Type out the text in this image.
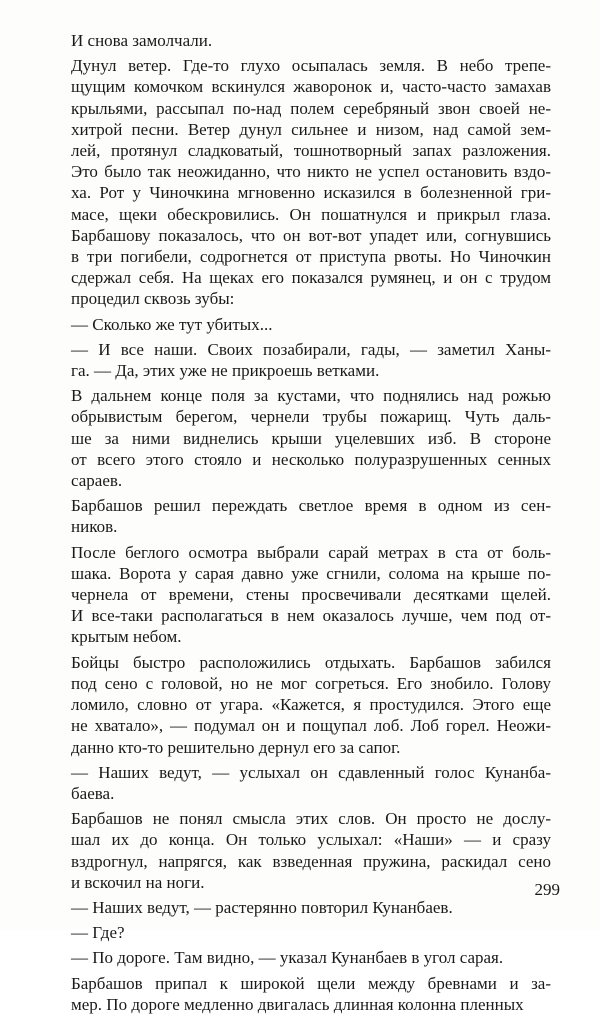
И снова замолчали.

Дунул ветер. Где-то глухо осыпалась земля. В небо трепе-
щущим комочком вскинулся жаворонок и, часто-часто замахав
крыльями, рассыпал по-над полем серебряный звон своей не-
хитрой песни. Ветер дунул сильнее и низом, над самой зем-
лей, протянул сладковатый, тошнотворный запах разложения.
Это было так неожиданно, что никто не успел остановить вздо-
ха. Рот у Чиночкина мгновенно исказился в болезненной гри-
масе, щеки обескровились. Он пошатнулся и прикрыл глаза.
Барбашову показалось, что он вот-вот упадет или, согнувшись
в три погибели, содрогнется от приступа рвоты. Но Чиночкин
сдержал себя. На щеках его показался румянец, и он с трудом
процедил сквозь зубы:

— Сколько же тут убитых...

— И все наши. Своих позабирали, гады, — заметил Ханы-
га. — Да, этих уже не прикроешь ветками.

В дальнем конце поля за кустами, что поднялись над рожью
обрывистым берегом, чернели трубы пожарищ. Чуть даль-
ше за ними виднелись крыши уцелевших изб. В стороне
от всего этого стояло и несколько полуразрушенных сенных
сараев.

Барбашов решил переждать светлое время в одном из сен-
ников.

После беглого осмотра выбрали сарай метрах в ста от боль-
шака. Ворота у сарая давно уже сгнили, солома на крыше по-
чернела от времени, стены просвечивали десятками щелей.
И все-таки располагаться в нем оказалось лучше, чем под от-
крытым небом.

Бойцы быстро расположились отдыхать. Барбашов забился
под сено с головой, но не мог согреться. Его знобило. Голову
ломило, словно от угара. «Кажется, я простудился. Этого еще
не хватало», — подумал он и пощупал лоб. Лоб горел. Неожи-
данно кто-то решительно дернул его за сапог.

— Наших ведут, — услыхал он сдавленный голос Кунанба-
баева.

Барбашов не понял смысла этих слов. Он просто не дослу-
шал их до конца. Он только услыхал: «Наши» — и сразу
вздрогнул, напрягся, как взведенная пружина, раскидал сено
и вскочил на ноги.

— Наших ведут, — растерянно повторил Кунанбаев.

— Где?

— По дороге. Там видно, — указал Кунанбаев в угол сарая.

Барбашов припал к широкой щели между бревнами и за-
мер. По дороге медленно двигалась длинная колонна пленных

299
